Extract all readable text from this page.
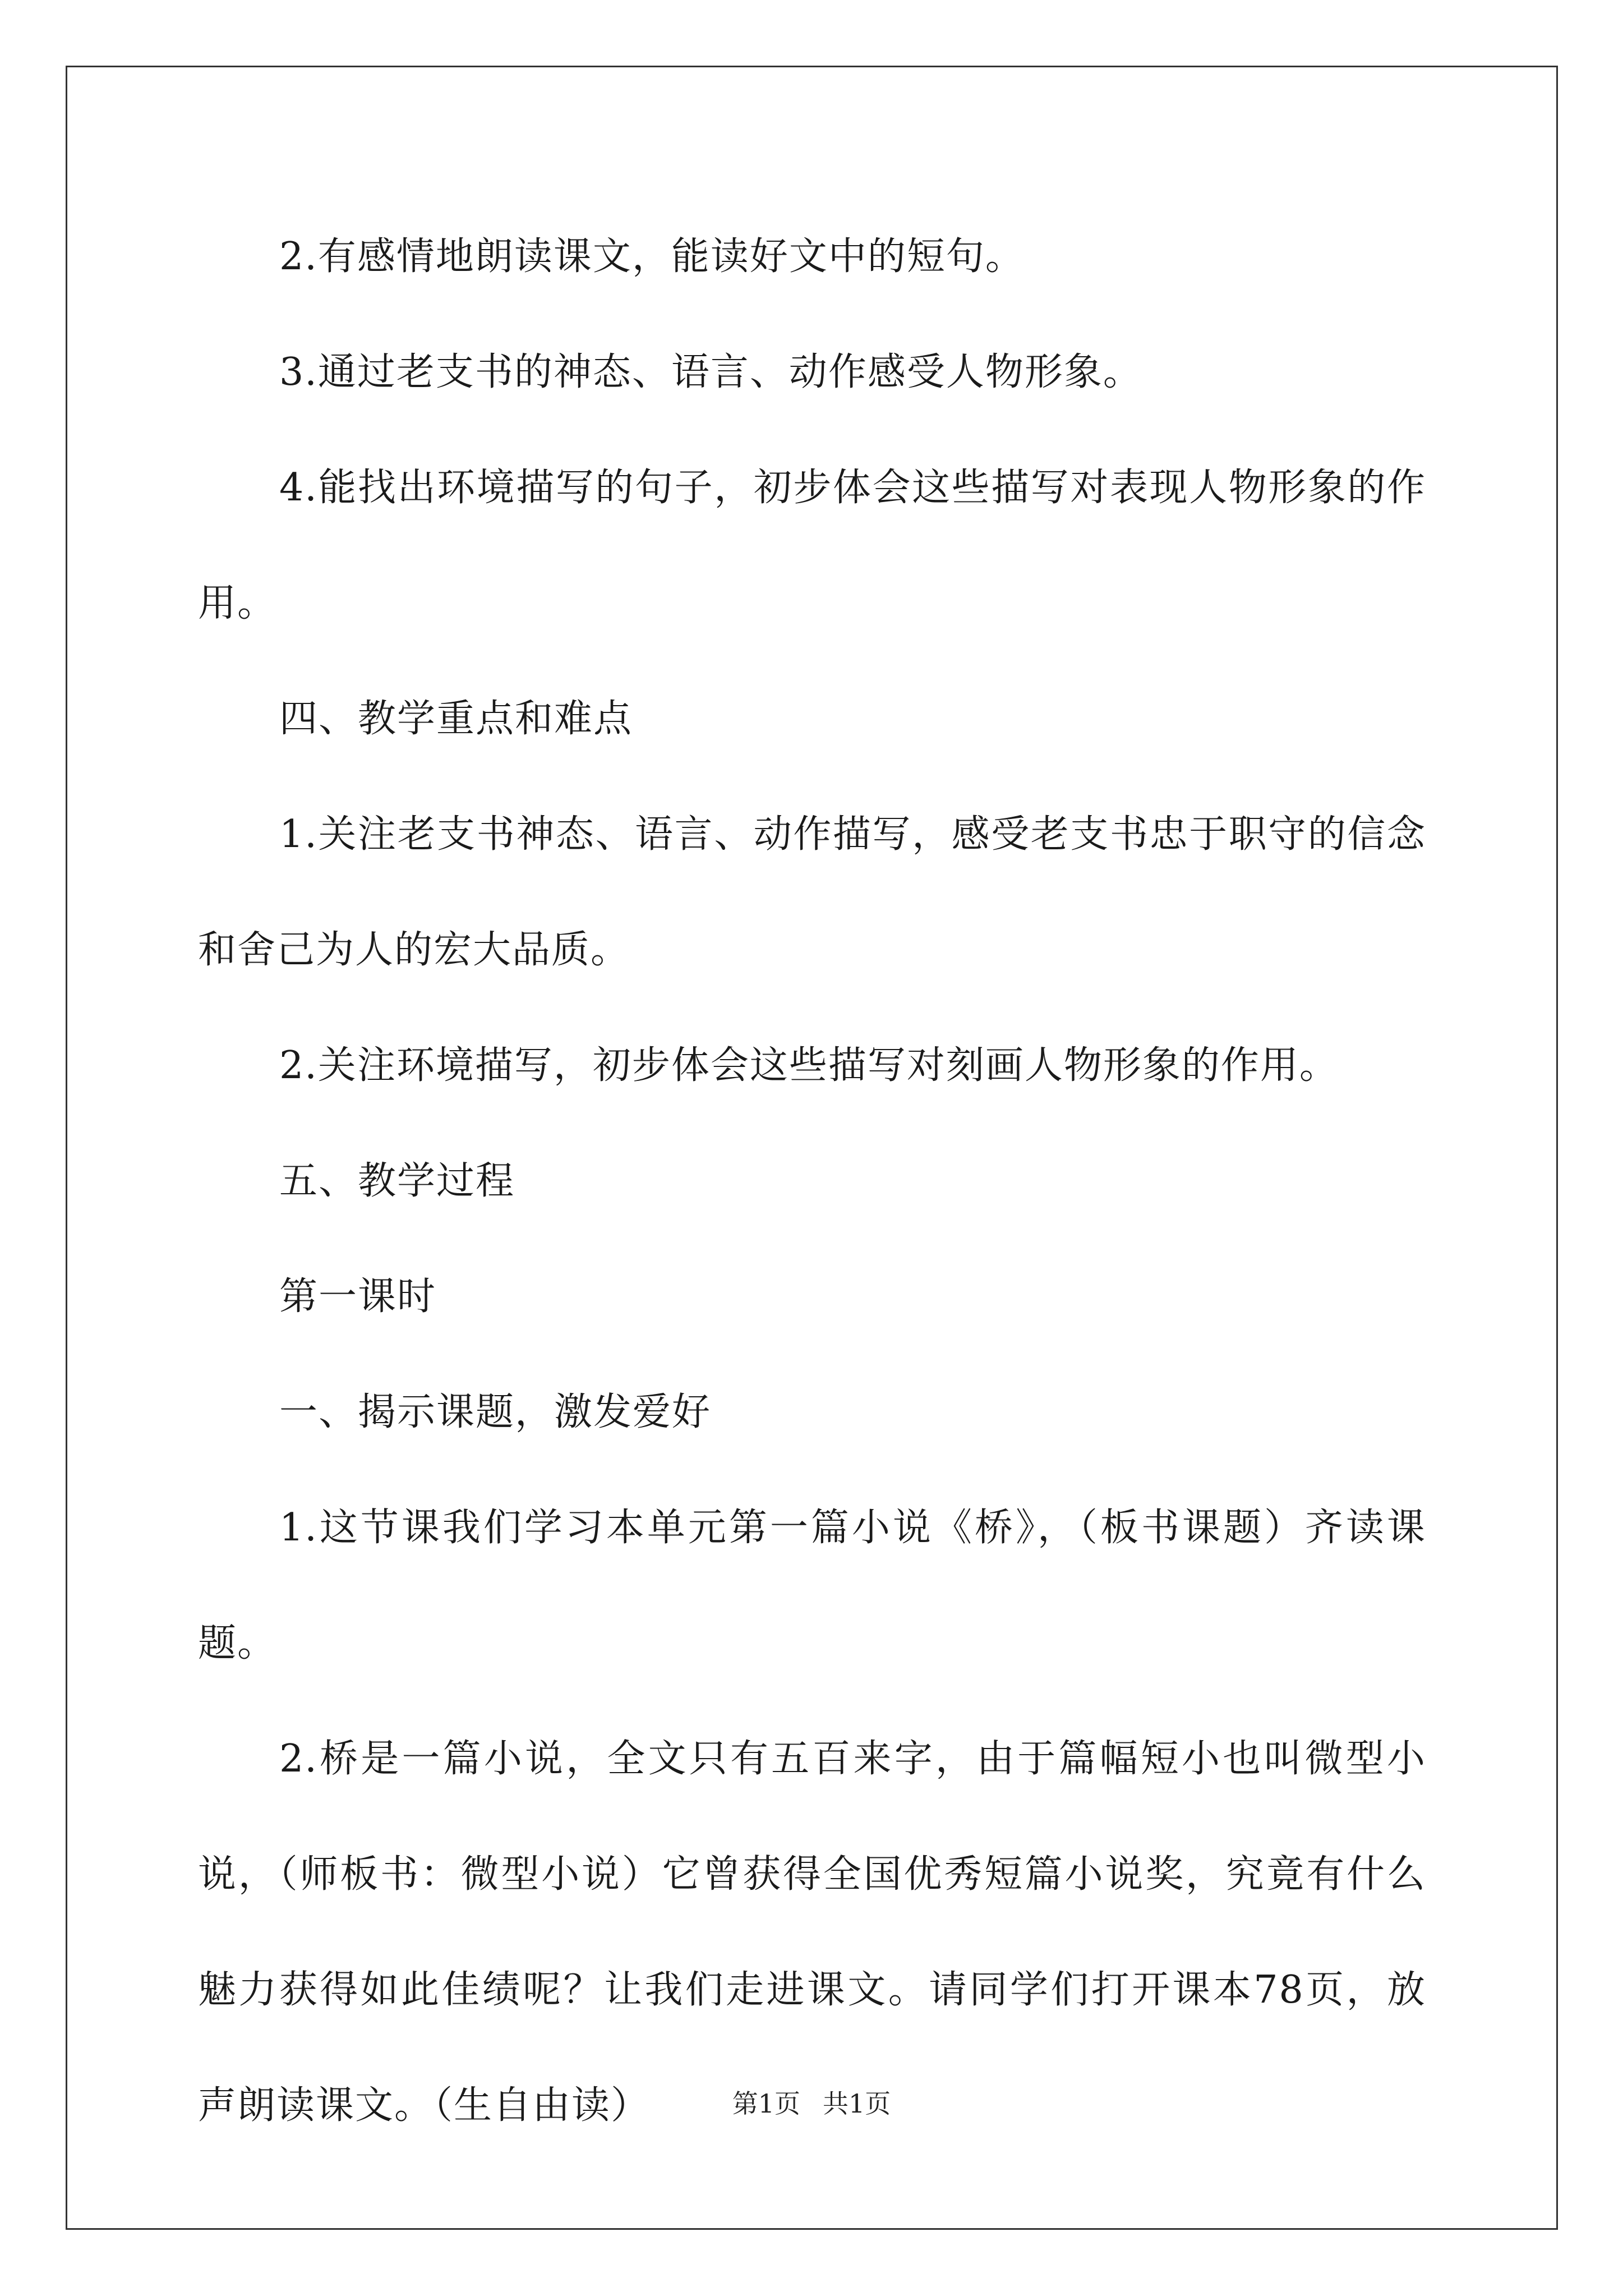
2.有感情地朗读课文，能读好文中的短句。

3.通过老支书的神态、语言、动作感受人物形象。

4.能找出环境描写的句子，初步体会这些描写对表现人物形象的作用。

四、教学重点和难点

1.关注老支书神态、语言、动作描写，感受老支书忠于职守的信念和舍己为人的宏大品质。

2.关注环境描写，初步体会这些描写对刻画人物形象的作用。

五、教学过程

第一课时

一、揭示课题，激发爱好

1.这节课我们学习本单元第一篇小说《桥》，（板书课题）齐读课题。

2.桥是一篇小说，全文只有五百来字，由于篇幅短小也叫微型小说，（师板书：微型小说）它曾获得全国优秀短篇小说奖，究竟有什么魅力获得如此佳绩呢？让我们走进课文。请同学们打开课本78页，放声朗读课文。（生自由读）	第1页 共1页
